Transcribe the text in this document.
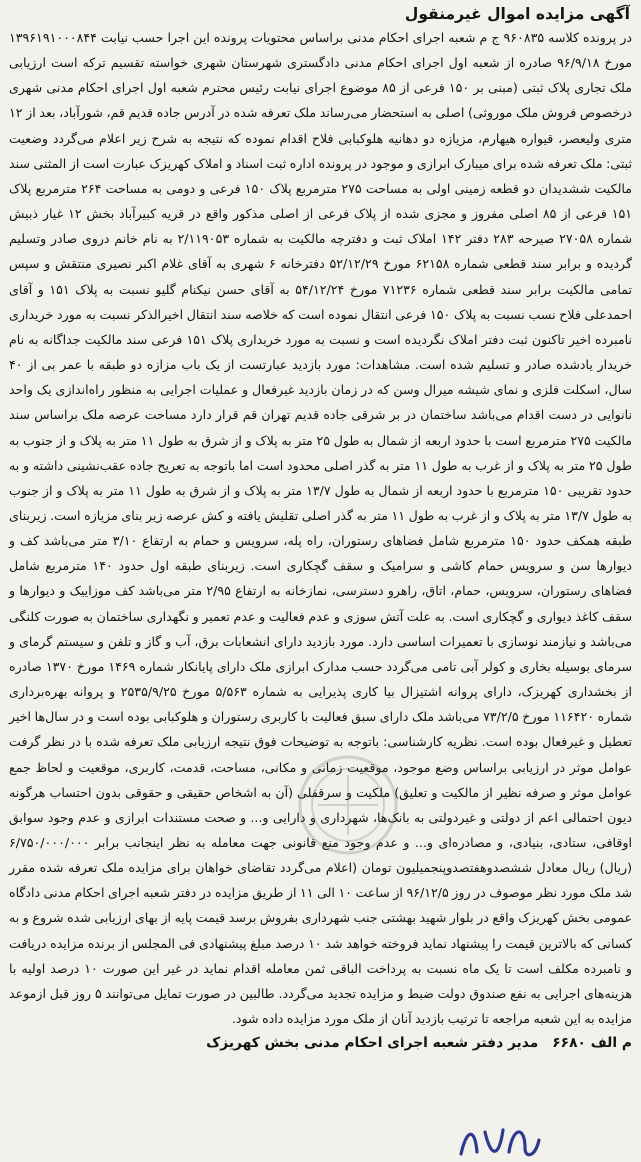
آگهی مزایده اموال غیرمنقول
در پرونده کلاسه ۹۶۰۸۳۵ ج م شعبه اجرای احکام مدنی براساس محتویات پرونده این اجرا حسب نیابت ۱۳۹۶۱۹۱۰۰۰۸۴۴ مورخ ۹۶/۹/۱۸ صادره از شعبه اول اجرای احکام مدنی دادگستری شهرستان شهری خواسته تقسیم ترکه است ارزیابی ملک تجاری پلاک ثبتی (مبنی بر ۱۵۰ فرعی از ۸۵ موضوع اجرای نیابت رئیس محترم شعبه اول اجرای احکام مدنی شهری درخصوص فروش ملک موروثی) اصلی به استحضار می‌رساند ملک تعرفه شده در آدرس جاده قدیم قم، شورآباد، بعد از ۱۲ متری ولیعصر، قیواره هیهارم، مزیازه دو دهانیه هلوکبابی فلاح اقدام نموده که نتیجه به شرح زیر اعلام می‌گردد وضعیت ثبتی: ملک تعرفه شده برای میبارک ابرازی و موجود در پرونده اداره ثبت اسناد و املاک کهریزک عبارت است از المثنی سند مالکیت ششدیدان دو قطعه زمینی اولی به مساحت ۲۷۵ مترمربع پلاک ۱۵۰ فرعی و دومی به مساحت ۲۶۴ مترمربع پلاک ۱۵۱ فرعی از ۸۵ اصلی مفروز و مجزی شده از پلاک فرعی از اصلی مذکور واقع در قریه کبیرآباد بخش ۱۲ غیار ذبیش شماره ۲۷۰۵۸ صیرحه ۲۸۳ دفتر ۱۴۲ املاک ثبت و دفترچه مالکیت به شماره ۲/۱۱۹۰۵۳ به نام خانم دروی صادر وتسلیم گردیده و برابر سند قطعی شماره ۶۲۱۵۸ مورخ ۵۲/۱۲/۲۹ دفترخانه ۶ شهری به آقای غلام اکبر نصیری منتقش و سپس تمامی مالکیت برابر سند قطعی شماره ۷۱۲۳۶ مورخ ۵۴/۱۲/۲۴ به آقای حسن نیکنام گلیو نسبت به پلاک ۱۵۱ و آقای احمدعلی فلاح نسب نسبت به پلاک ۱۵۰ فرعی انتقال نموده است که خلاصه سند انتقال اخیرالذکر نسبت به مورد خریداری نامبرده اخیر تاکنون ثبت دفتر املاک نگردیده است و نسبت به مورد خریداری پلاک ۱۵۱ فرعی سند مالکیت جداگانه به نام خریدار یادشده صادر و تسلیم شده است. مشاهدات: مورد بازدید عبارتست از یک باب مزازه دو طبقه با عمر بی از ۴۰ سال، اسکلت فلزی و نمای شیشه میرال وسن که در زمان بازدید غیرفعال و عملیات اجرایی به منظور راه‌اندازی یک واحد نانوایی در دست اقدام می‌باشد ساختمان در بر شرقی جاده قدیم تهران قم قرار دارد مساحت عرصه ملک براساس سند مالکیت ۲۷۵ مترمربع است با حدود اربعه از شمال به طول ۲۵ متر به پلاک و از شرق به طول ۱۱ متر به پلاک و از جنوب به طول ۲۵ متر به پلاک و از غرب به طول ۱۱ متر به گذر اصلی محدود است اما باتوجه به تعریح جاده عقب‌نشینی داشته و به حدود تقریبی ۱۵۰ مترمربع با حدود اربعه از شمال به طول ۱۳/۷ متر به پلاک و از شرق به طول ۱۱ متر به پلاک و از جنوب به طول ۱۳/۷ متر به پلاک و از غرب به طول ۱۱ متر به گذر اصلی تقلیش یافته و کش عرصه زیر بنای مزیازه است. زیربنای طبقه همکف حدود ۱۵۰ مترمربع شامل فضاهای رستوران، راه پله، سرویس و حمام به ارتفاع ۳/۱۰ متر می‌باشد کف و دیوارها سن و سرویس حمام کاشی و سرامیک و سقف گچکاری است. زیربنای طبقه اول حدود ۱۴۰ مترمربع شامل فضاهای رستوران، سرویس، حمام، اتاق، راهرو دسترسی، نمازخانه به ارتفاع ۲/۹۵ متر می‌باشد کف موزاییک و دیوارها و سقف کاغذ دیواری و گچکاری است. به علت آتش سوزی و عدم فعالیت و عدم تعمیر و نگهداری ساختمان به صورت کلنگی می‌باشد و نیازمند نوسازی با تعمیرات اساسی دارد. مورد بازدید دارای انشعابات برق، آب و گاز و تلفن و سیستم گرمای و سرمای بوسیله بخاری و کولر آبی تامی می‌گردد حسب مدارک ابرازی ملک دارای پایانکار شماره ۱۴۶۹ مورخ ۱۳۷۰ صادره از بخشداری کهریزک، دارای پروانه اشتیزال بیا کاری پذیرایی به شماره ۵/۵۶۳ مورخ ۲۵۳۵/۹/۲۵ و پروانه بهره‌برداری شماره ۱۱۶۴۲۰ مورخ ۷۳/۲/۵ می‌باشد ملک دارای سبق فعالیت با کاربری رستوران و هلوکبابی بوده است و در سال‌ها اخیر تعطیل و غیرفعال بوده است. نظریه کارشناسی: باتوجه به توضیحات فوق نتیجه ارزیابی ملک تعرفه شده با در نظر گرفت عوامل موثر در ارزیابی براساس وضع موجود، موقعیت زمانی و مکانی، مساحت، قدمت، کاربری، موقعیت و لحاظ جمع عوامل موثر و صرفه نظیر از مالکیت و تعلیق) ملکیت و سرقفلی (آن به اشخاص حقیقی و حقوقی بدون احتساب هرگونه دیون احتمالی اعم از دولتی و غیردولتی به بانک‌ها، شهرداری و دارایی و... و صحت مستندات ابرازی و عدم وجود سوابق اوقافی، ستادی، بنیادی، و مصادره‌ای و... و عدم وجود منع قانونی جهت معامله به نظر اینجانب برابر ۶/۷۵۰/۰۰۰/۰۰۰ (ریال) ریال معادل ششصدوهفتصدوپنجمیلیون تومان (اعلام می‌گردد تقاضای خواهان برای مزایده ملک تعرفه شده مقرر شد ملک مورد نظر موصوف در روز ۹۶/۱۲/۵ از ساعت ۱۰ الی ۱۱ از طریق مزایده در دفتر شعبه اجرای احکام مدنی دادگاه عمومی بخش کهریزک واقع در بلوار شهید بهشتی جنب شهرداری بفروش برسد قیمت پایه از بهای ارزیابی شده شروع و به کسانی که بالاترین قیمت را پیشنهاد نماید فروخته خواهد شد ۱۰ درصد مبلغ پیشنهادی فی المجلس از برنده مزایده دریافت و نامبرده مکلف است تا یک ماه نسبت به پرداخت الباقی ثمن معامله اقدام نماید در غیر این صورت ۱۰ درصد اولیه با هزینه‌های اجرایی به نفع صندوق دولت ضبط و مزایده تجدید می‌گردد. طالبین در صورت تمایل می‌توانند ۵ روز قبل ازموعد مزایده به این شعبه مراجعه تا ترتیب بازدید آنان از ملک مورد مزایده داده شود.
م الف ۶۶۸۰مدیر دفتر شعبه اجرای احکام مدنی بخش کهریزک
